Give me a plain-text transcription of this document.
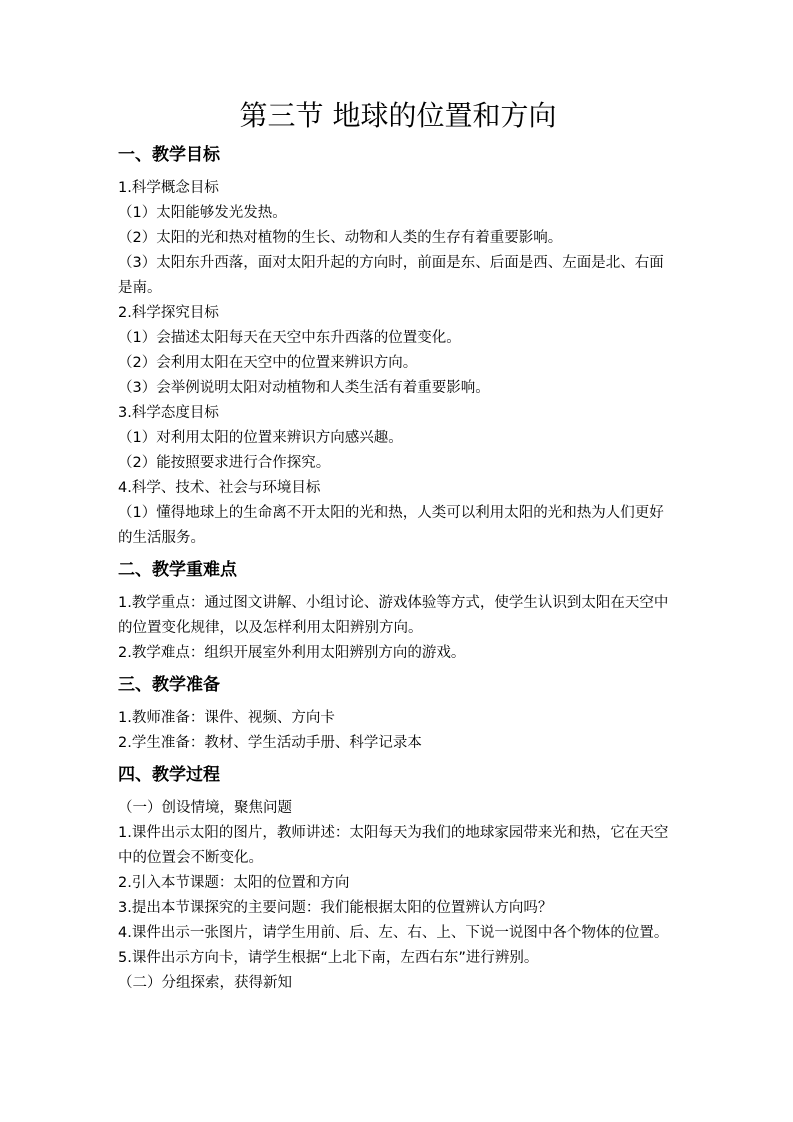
第三节 地球的位置和方向
一、教学目标

1.科学概念目标

（1）太阳能够发光发热。

（2）太阳的光和热对植物的生长、动物和人类的生存有着重要影响。

（3）太阳东升西落，面对太阳升起的方向时，前面是东、后面是西、左面是北、右面是南。

2.科学探究目标

（1）会描述太阳每天在天空中东升西落的位置变化。

（2）会利用太阳在天空中的位置来辨识方向。

（3）会举例说明太阳对动植物和人类生活有着重要影响。

3.科学态度目标

（1）对利用太阳的位置来辨识方向感兴趣。

（2）能按照要求进行合作探究。

4.科学、技术、社会与环境目标

（1）懂得地球上的生命离不开太阳的光和热，人类可以利用太阳的光和热为人们更好的生活服务。

二、教学重难点

1.教学重点：通过图文讲解、小组讨论、游戏体验等方式，使学生认识到太阳在天空中的位置变化规律，以及怎样利用太阳辨别方向。

2.教学难点：组织开展室外利用太阳辨别方向的游戏。

三、教学准备

1.教师准备：课件、视频、方向卡

2.学生准备：教材、学生活动手册、科学记录本

四、教学过程

（一）创设情境，聚焦问题

1.课件出示太阳的图片，教师讲述：太阳每天为我们的地球家园带来光和热，它在天空中的位置会不断变化。

2.引入本节课题：太阳的位置和方向

3.提出本节课探究的主要问题：我们能根据太阳的位置辨认方向吗？

4.课件出示一张图片，请学生用前、后、左、右、上、下说一说图中各个物体的位置。

5.课件出示方向卡，请学生根据“上北下南，左西右东”进行辨别。

（二）分组探索，获得新知
